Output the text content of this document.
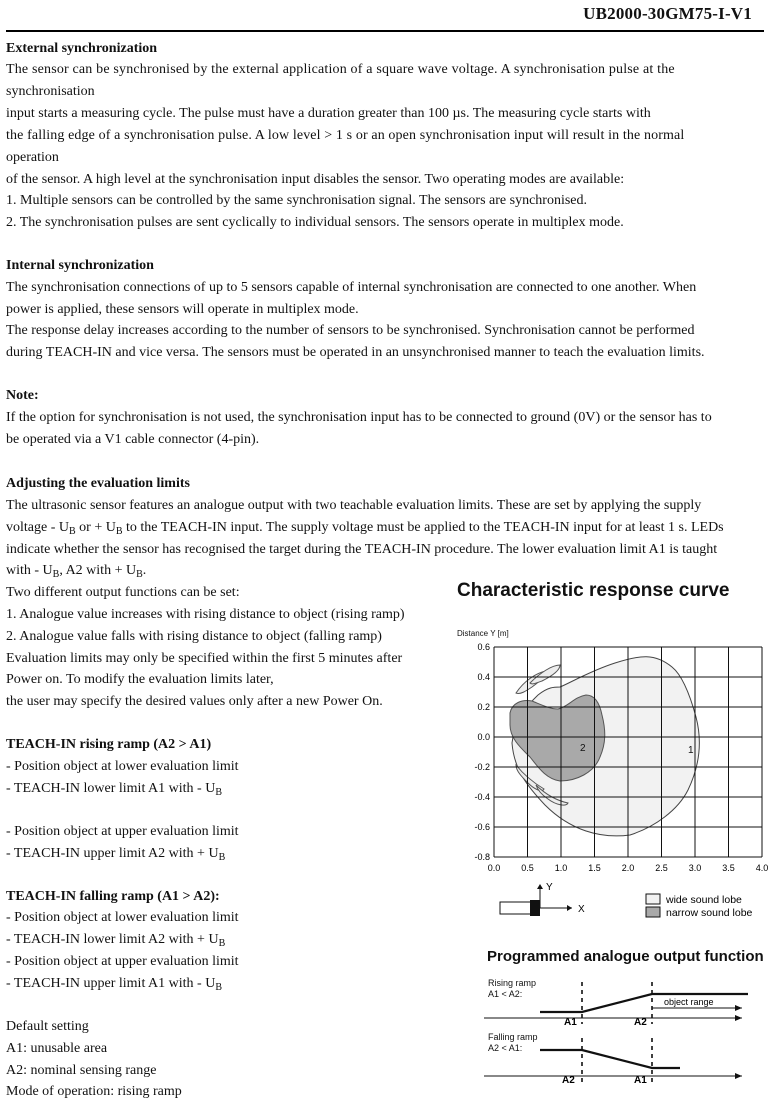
UB2000-30GM75-I-V1
External synchronization
The sensor can be synchronised by the external application of a square wave voltage. A synchronisation pulse at the
synchronisation
input starts a measuring cycle. The pulse must have a duration greater than 100 µs. The measuring cycle starts with
the falling edge of a synchronisation pulse. A low level > 1 s or an open synchronisation input will result in the normal
operation
of the sensor. A high level at the synchronisation input disables the sensor. Two operating modes are available:
1. Multiple sensors can be controlled by the same synchronisation signal. The sensors are synchronised.
2. The synchronisation pulses are sent cyclically to individual sensors. The sensors operate in multiplex mode.
Internal synchronization
The synchronisation connections of up to 5 sensors capable of internal synchronisation are connected to one another. When
power is applied, these sensors will operate in multiplex mode.
The response delay increases according to the number of sensors to be synchronised. Synchronisation cannot be performed
during TEACH-IN and vice versa. The sensors must be operated in an unsynchronised manner to teach the evaluation limits.
Note:
If the option for synchronisation is not used, the synchronisation input has to be connected to ground (0V) or the sensor has to
be operated via a V1 cable connector (4-pin).
Adjusting the evaluation limits
The ultrasonic sensor features an analogue output with two teachable evaluation limits. These are set by applying the supply
voltage - $U_B$ or + $U_B$ to the TEACH-IN input. The supply voltage must be applied to the TEACH-IN input for at least 1 s. LEDs
indicate whether the sensor has recognised the target during the TEACH-IN procedure. The lower evaluation limit A1 is taught
with - $U_B$, A2 with + $U_B$.
Two different output functions can be set:
1. Analogue value increases with rising distance to object (rising ramp)
2. Analogue value falls with rising distance to object (falling ramp)
Evaluation limits may only be specified within the first 5 minutes after
Power on. To modify the evaluation limits later,
the user may specify the desired values only after a new Power On.
TEACH-IN rising ramp (A2 > A1)
- Position object at lower evaluation limit
- TEACH-IN lower limit A1 with - $U_B$
- Position object at upper evaluation limit
- TEACH-IN upper limit A2 with + $U_B$
TEACH-IN falling ramp (A1 > A2):
- Position object at lower evaluation limit
- TEACH-IN lower limit A2 with + $U_B$
- Position object at upper evaluation limit
- TEACH-IN upper limit A1 with - $U_B$
Default setting
A1: unusable area
A2: nominal sensing range
Mode of operation: rising ramp
Characteristic response curve
Distance Y [m]
0.6
0.4
0.2
0.0
-0.2
-0.4
-0.6
-0.8
0.0 0.5 1.0 1.5 2.0 2.5 3.0 3.5 4.0
1
2
X
Y
wide sound lobe
narrow sound lobe
Programmed analogue output function
Rising ramp
A1 < A2:
Falling ramp
A2 < A1:
object range
A1	A2
A2	A1
